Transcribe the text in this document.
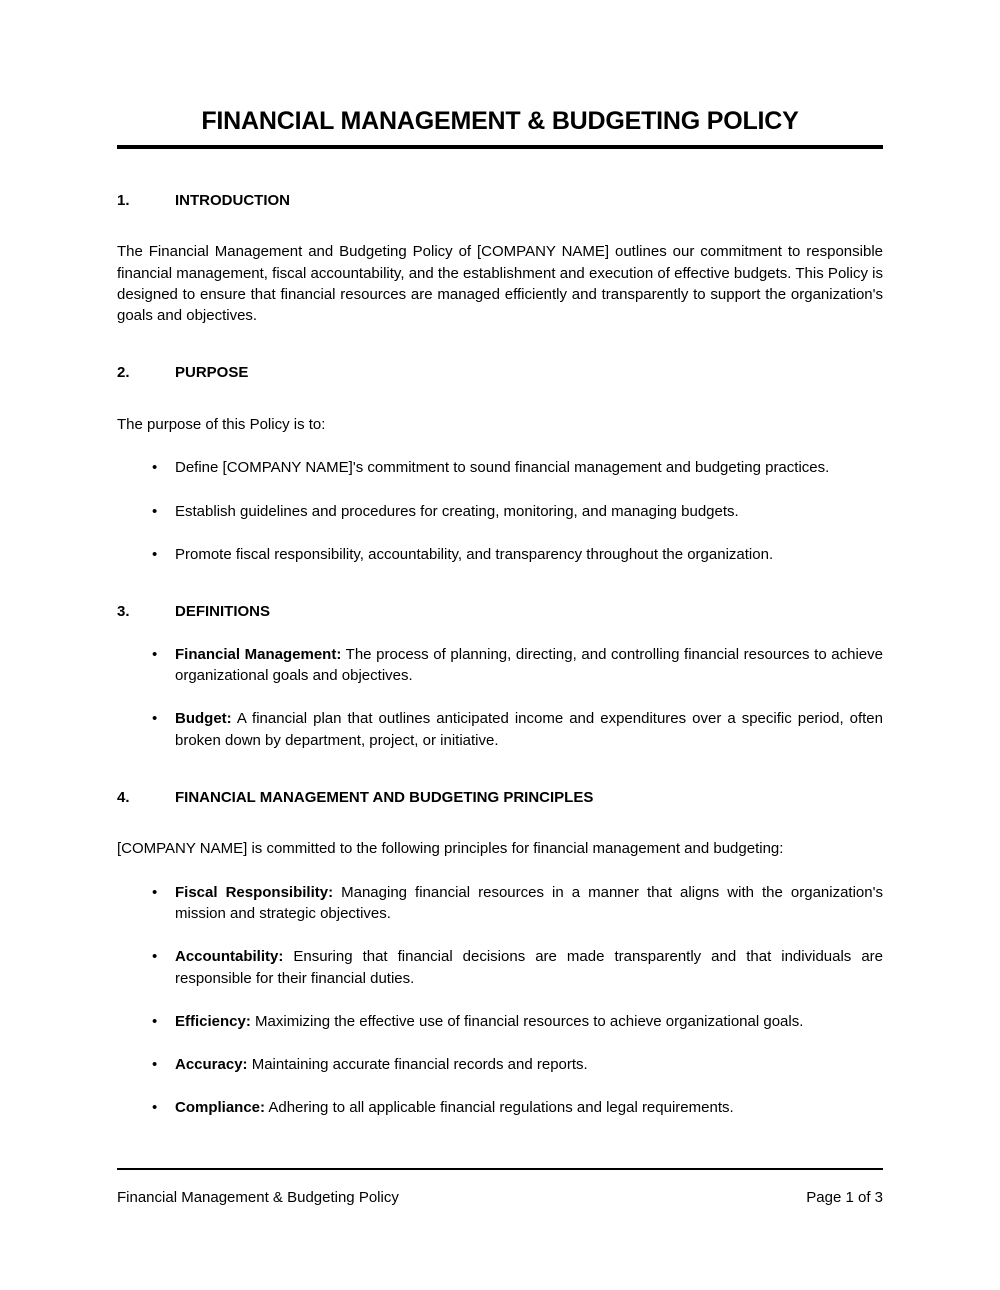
FINANCIAL MANAGEMENT & BUDGETING POLICY
1.	INTRODUCTION

The Financial Management and Budgeting Policy of [COMPANY NAME] outlines our commitment to responsible financial management, fiscal accountability, and the establishment and execution of effective budgets. This Policy is designed to ensure that financial resources are managed efficiently and transparently to support the organization's goals and objectives.

2.	PURPOSE

The purpose of this Policy is to:

• Define [COMPANY NAME]'s commitment to sound financial management and budgeting practices.
• Establish guidelines and procedures for creating, monitoring, and managing budgets.
• Promote fiscal responsibility, accountability, and transparency throughout the organization.
3.	DEFINITIONS
• Financial Management: The process of planning, directing, and controlling financial resources to achieve organizational goals and objectives.
• Budget: A financial plan that outlines anticipated income and expenditures over a specific period, often broken down by department, project, or initiative.
4.	FINANCIAL MANAGEMENT AND BUDGETING PRINCIPLES

[COMPANY NAME] is committed to the following principles for financial management and budgeting:

• Fiscal Responsibility: Managing financial resources in a manner that aligns with the organization's mission and strategic objectives.
• Accountability: Ensuring that financial decisions are made transparently and that individuals are responsible for their financial duties.
• Efficiency: Maximizing the effective use of financial resources to achieve organizational goals.
• Accuracy: Maintaining accurate financial records and reports.
• Compliance: Adhering to all applicable financial regulations and legal requirements.
Financial Management & Budgeting Policy	Page 1 of 3
